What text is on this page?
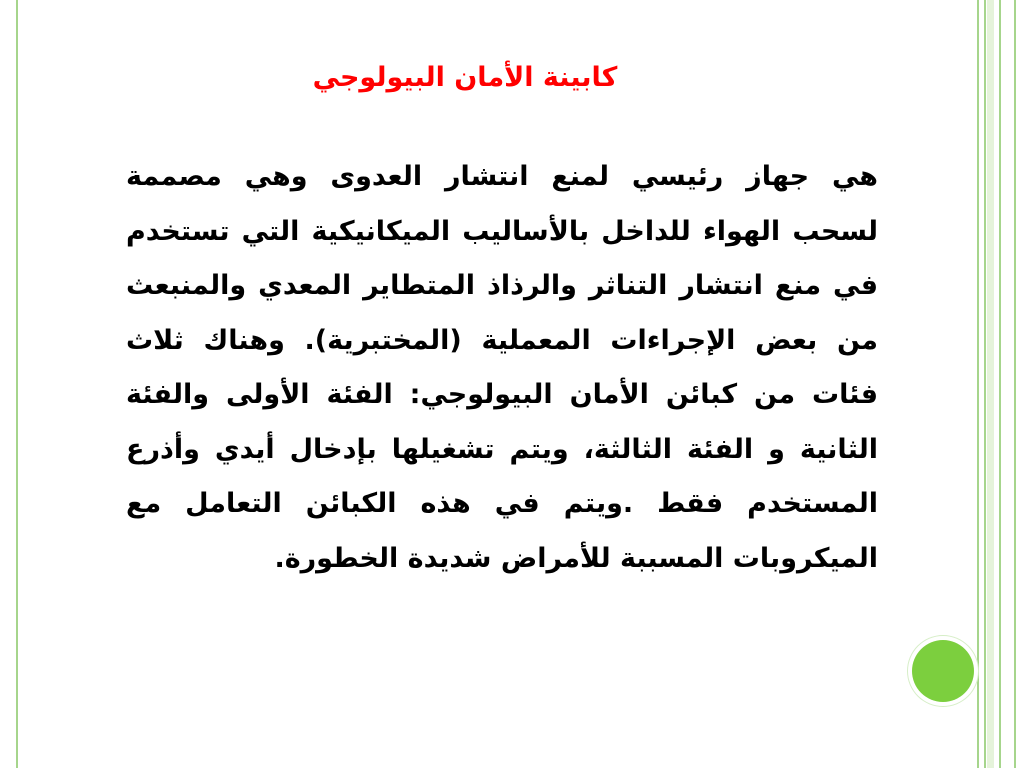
كابينة الأمان البيولوجي
هي جهاز رئيسي لمنع انتشار العدوى وهي مصممة لسحب الهواء للداخل بالأساليب الميكانيكية التي تستخدم في منع انتشار التناثر والرذاذ المتطاير المعدي والمنبعث من بعض الإجراءات المعملية (المختبرية). وهناك ثلاث فئات من كبائن الأمان البيولوجي: الفئة الأولى والفئة الثانية و الفئة الثالثة، ويتم تشغيلها بإدخال أيدي وأذرع المستخدم فقط .ويتم في هذه الكبائن التعامل مع الميكروبات المسببة للأمراض شديدة الخطورة.
